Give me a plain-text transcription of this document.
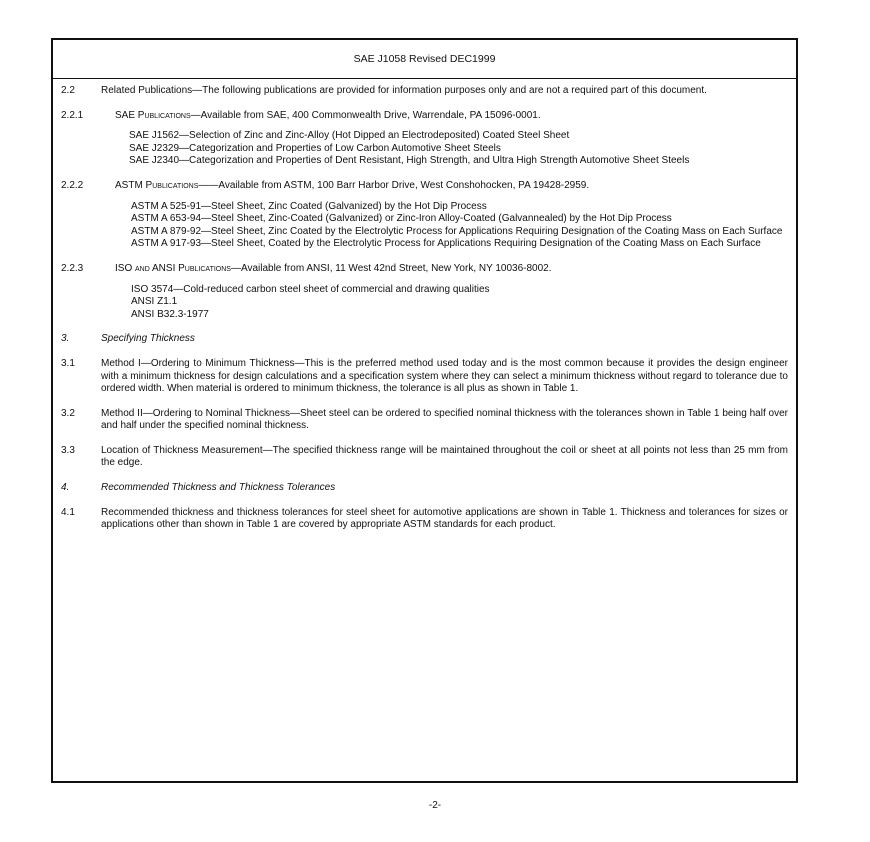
SAE J1058 Revised DEC1999
2.2	Related Publications—The following publications are provided for information purposes only and are not a required part of this document.
2.2.1	SAE Publications—Available from SAE, 400 Commonwealth Drive, Warrendale, PA 15096-0001.
SAE J1562—Selection of Zinc and Zinc-Alloy (Hot Dipped an Electrodeposited) Coated Steel Sheet
SAE J2329—Categorization and Properties of Low Carbon Automotive Sheet Steels
SAE J2340—Categorization and Properties of Dent Resistant, High Strength, and Ultra High Strength Automotive Sheet Steels
2.2.2	ASTM Publications——Available from ASTM, 100 Barr Harbor Drive, West Conshohocken, PA 19428-2959.
ASTM A 525-91—Steel Sheet, Zinc Coated (Galvanized) by the Hot Dip Process
ASTM A 653-94—Steel Sheet, Zinc-Coated (Galvanized) or Zinc-Iron Alloy-Coated (Galvannealed) by the Hot Dip Process
ASTM A 879-92—Steel Sheet, Zinc Coated by the Electrolytic Process for Applications Requiring Designation of the Coating Mass on Each Surface
ASTM A 917-93—Steel Sheet, Coated by the Electrolytic Process for Applications Requiring Designation of the Coating Mass on Each Surface
2.2.3	ISO and ANSI Publications—Available from ANSI, 11 West 42nd Street, New York, NY 10036-8002.
ISO 3574—Cold-reduced carbon steel sheet of commercial and drawing qualities
ANSI Z1.1
ANSI B32.3-1977
3.	Specifying Thickness
3.1	Method I—Ordering to Minimum Thickness—This is the preferred method used today and is the most common because it provides the design engineer with a minimum thickness for design calculations and a specification system where they can select a minimum thickness without regard to tolerance due to ordered width. When material is ordered to minimum thickness, the tolerance is all plus as shown in Table 1.
3.2	Method II—Ordering to Nominal Thickness—Sheet steel can be ordered to specified nominal thickness with the tolerances shown in Table 1 being half over and half under the specified nominal thickness.
3.3	Location of Thickness Measurement—The specified thickness range will be maintained throughout the coil or sheet at all points not less than 25 mm from the edge.
4.	Recommended Thickness and Thickness Tolerances
4.1	Recommended thickness and thickness tolerances for steel sheet for automotive applications are shown in Table 1. Thickness and tolerances for sizes or applications other than shown in Table 1 are covered by appropriate ASTM standards for each product.
-2-
